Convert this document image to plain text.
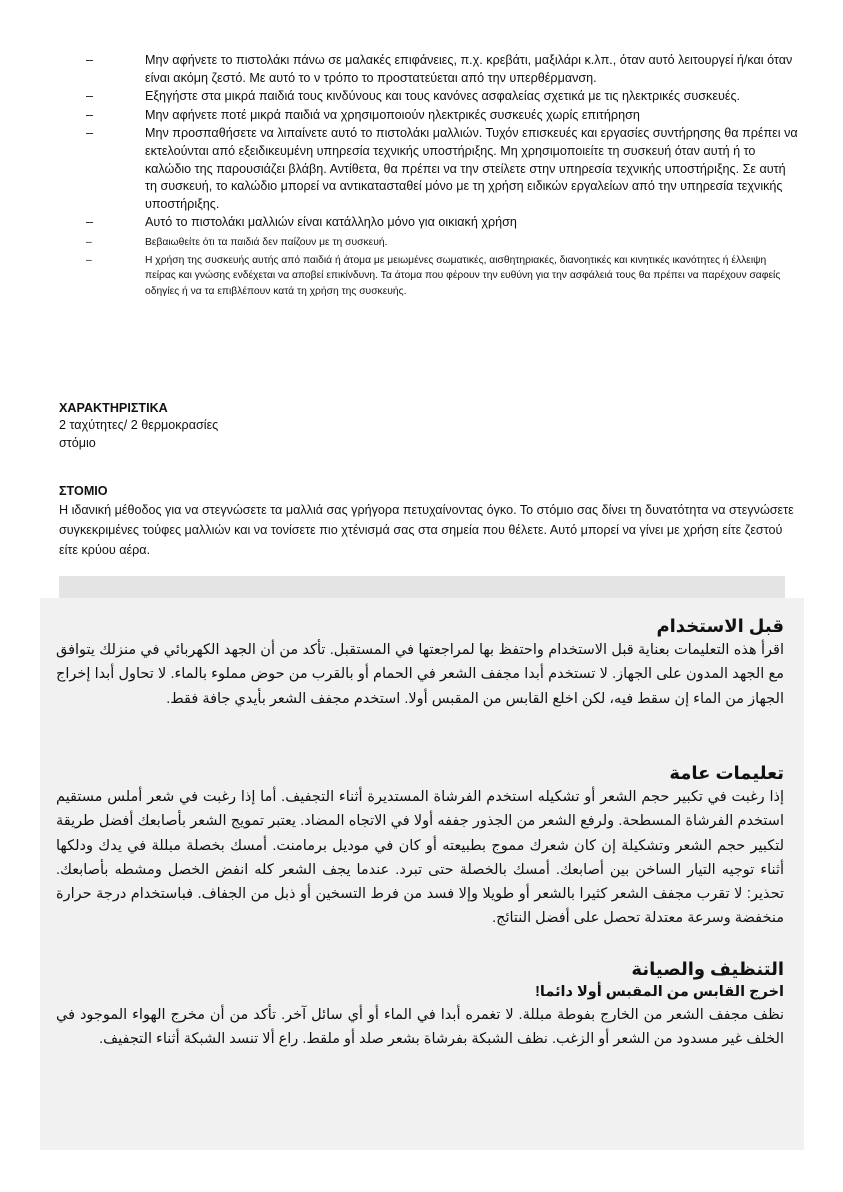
–	Μην αφήνετε το πιστολάκι πάνω σε μαλακές επιφάνειες, π.χ. κρεβάτι, μαξιλάρι κ.λπ., όταν αυτό λειτουργεί ή/και όταν είναι ακόμη ζεστό. Με αυτό το ν τρόπο το προστατεύεται από την υπερθέρμανση.
–	Εξηγήστε στα μικρά παιδιά τους κινδύνους και τους κανόνες ασφαλείας σχετικά με τις ηλεκτρικές συσκευές.
–	Μην αφήνετε ποτέ μικρά παιδιά να χρησιμοποιούν ηλεκτρικές συσκευές χωρίς επιτήρηση
–	Μην προσπαθήσετε να λιπαίνετε αυτό το πιστολάκι μαλλιών. Τυχόν επισκευές και εργασίες συντήρησης θα πρέπει να εκτελούνται από εξειδικευμένη υπηρεσία τεχνικής υποστήριξης. Μη χρησιμοποιείτε τη συσκευή όταν αυτή ή το καλώδιο της παρουσιάζει βλάβη. Αντίθετα, θα πρέπει να την στείλετε στην υπηρεσία τεχνικής υποστήριξης. Σε αυτή τη συσκευή, το καλώδιο μπορεί να αντικατασταθεί μόνο με τη χρήση ειδικών εργαλείων από την υπηρεσία τεχνικής υποστήριξης.
–	Αυτό το πιστολάκι μαλλιών είναι κατάλληλο μόνο για οικιακή χρήση
–	Βεβαιωθείτε ότι τα παιδιά δεν παίζουν με τη συσκευή.
–	Η χρήση της συσκευής αυτής από παιδιά ή άτομα με μειωμένες σωματικές, αισθητηριακές, διανοητικές και κινητικές ικανότητες ή έλλειψη πείρας και γνώσης ενδέχεται να αποβεί επικίνδυνη. Τα άτομα που φέρουν την ευθύνη για την ασφάλειά τους θα πρέπει να παρέχουν σαφείς οδηγίες ή να τα επιβλέπουν κατά τη χρήση της συσκευής.
ΧΑΡΑΚΤΗΡΙΣΤΙΚΑ
2 ταχύτητες/ 2 θερμοκρασίες
στόμιο
ΣΤΟΜΙΟ
Η ιδανική μέθοδος για να στεγνώσετε τα μαλλιά σας γρήγορα πετυχαίνοντας όγκο. Το στόμιο σας δίνει τη δυνατότητα να στεγνώσετε συγκεκριμένες τούφες μαλλιών και να τονίσετε πιο χτένισμά σας στα σημεία που θέλετε. Αυτό μπορεί να γίνει με χρήση είτε ζεστού είτε κρύου αέρα.
قبل الاستخدام

اقرأ هذه التعليمات بعناية قبل الاستخدام واحتفظ بها لمراجعتها في المستقبل. تأكد من أن الجهد الكهربائي في منزلك يتوافق مع الجهد المدون على الجهاز. لا تستخدم أبدا مجفف الشعر في الحمام أو بالقرب من حوض مملوء بالماء. لا تحاول أبدا إخراج الجهاز من الماء إن سقط فيه، لكن اخلع القابس من المقبس أولا. استخدم مجفف الشعر بأيدي جافة فقط.

تعليمات عامة

إذا رغبت في تكبير حجم الشعر أو تشكيله استخدم الفرشاة المستديرة أثناء التجفيف. أما إذا رغبت في شعر أملس مستقيم استخدم الفرشاة المسطحة. ولرفع الشعر من الجذور جففه أولا في الاتجاه المضاد. يعتبر تمويج الشعر بأصابعك أفضل طريقة لتكبير حجم الشعر وتشكيلة إن كان شعرك مموج بطبيعته أو كان في موديل برمامنت. أمسك بخصلة مبللة في يدك ودلكها أثناء توجيه التيار الساخن بين أصابعك. أمسك بالخصلة حتى تبرد. عندما يجف الشعر كله انفض الخصل ومشطه بأصابعك. تحذير: لا تقرب مجفف الشعر كثيرا بالشعر أو طويلا وإلا فسد من فرط التسخين أو ذبل من الجفاف. فباستخدام درجة حرارة منخفضة وسرعة معتدلة تحصل على أفضل النتائج.

التنظيف والصيانة
اخرج القابس من المقبس أولا دائما!

نظف مجفف الشعر من الخارج بفوطة مبللة. لا تغمره أبدا في الماء أو أي سائل آخر. تأكد من أن مخرج الهواء الموجود في الخلف غير مسدود من الشعر أو الزغب. نظف الشبكة بفرشاة بشعر صلد أو ملقط. راع ألا تنسد الشبكة أثناء التجفيف.
